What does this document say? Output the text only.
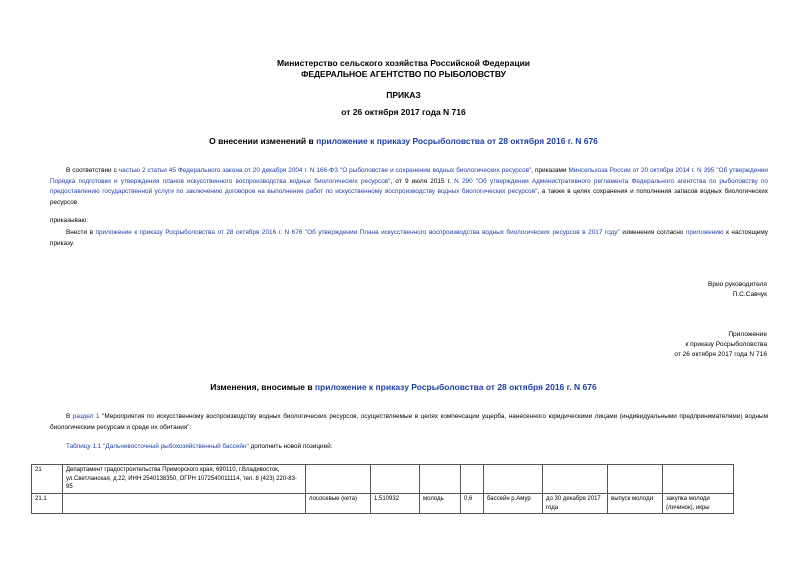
Министерство сельского хозяйства Российской Федерации
ФЕДЕРАЛЬНОЕ АГЕНТСТВО ПО РЫБОЛОВСТВУ
ПРИКАЗ
от 26 октября 2017 года N 716
О внесении изменений в приложение к приказу Росрыболовства от 28 октября 2016 г. N 676
В соответствии с частью 2 статьи 45 Федерального закона от 20 декабря 2004 г. N 166-ФЗ "О рыболовстве и сохранении водных биологических ресурсов", приказами Минсельхоза России от 20 октября 2014 г. N 395 "Об утверждении Порядка подготовки и утверждения планов искусственного воспроизводства водных биологических ресурсов", от 9 июля 2015 г. N 290 "Об утверждении Административного регламента Федерального агентства по рыболовству по предоставлению государственной услуги по заключению договоров на выполнение работ по искусственному воспроизводству водных биологических ресурсов", а также в целях сохранения и пополнения запасов водных биологических ресурсов
приказываю:
Внести в приложение к приказу Росрыболовства от 28 октября 2016 г. N 676 "Об утверждении Плана искусственного воспроизводства водных биологических ресурсов в 2017 году" изменения согласно приложению к настоящему приказу.
Врио руководителя
П.С.Савчук
Приложение
к приказу Росрыболовства
от 26 октября 2017 года N 716
Изменения, вносимые в приложение к приказу Росрыболовства от 28 октября 2016 г. N 676
В раздел 1 "Мероприятия по искусственному воспроизводству водных биологических ресурсов, осуществляемые в целях компенсации ущерба, нанесенного юридическими лицами (индивидуальными предпринимателями) водным биологическим ресурсам и среде их обитания":
Таблицу 1.1 "Дальневосточный рыбохозяйственный бассейн" дополнить новой позицией:
21	Департамент градостроительства Приморского края, 690110, г.Владивосток, ул.Светланская, д.22, ИНН 2540138350, ОГРН 1072540011114, тел. 8 (423) 220-83-95								
21.1		лососевые (кета)	1,510932	молодь	0,6	бассейн р.Амур	до 30 декабря 2017 года	выпуск молоди	закупка молоди (личинок), икры
